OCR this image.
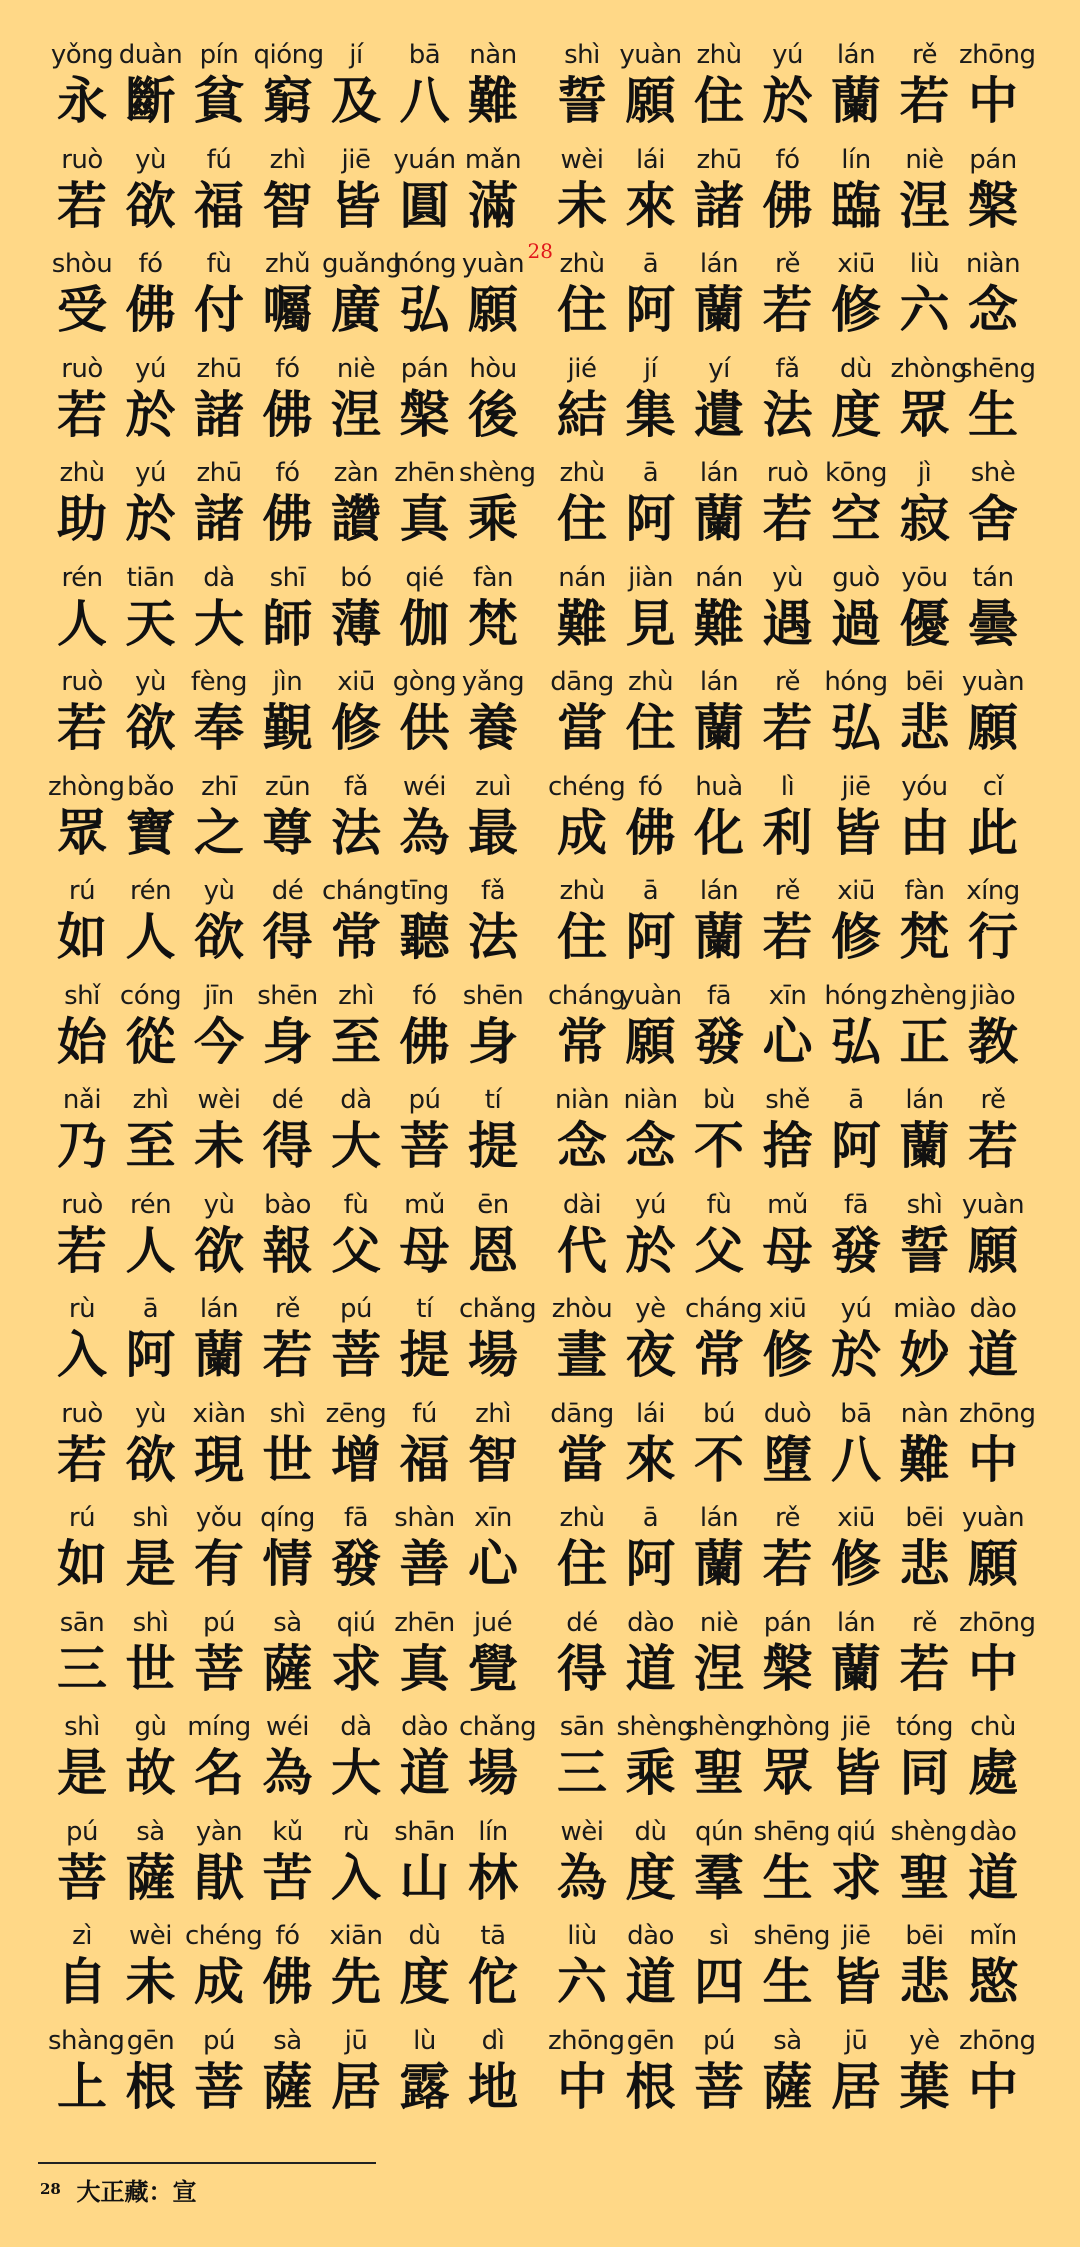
yǒng
永
duàn
斷
pín
貧
qióng
窮
jí
及
bā
八
nàn
難
ruò
若
yù
欲
fú
福
zhì
智
jiē
皆
yuán
圓
mǎn
滿
shòu
受
fó
佛
fù
付
zhǔ
囑
guǎng
廣
hóng
弘
yuàn
願
28
ruò
若
yú
於
zhū
諸
fó
佛
niè
涅
pán
槃
hòu
後
zhù
助
yú
於
zhū
諸
fó
佛
zàn
讚
zhēn
真
shèng
乘
rén
人
tiān
天
dà
大
shī
師
bó
薄
qié
伽
fàn
梵
ruò
若
yù
欲
fèng
奉
jìn
覲
xiū
修
gòng
供
yǎng
養
zhòng
眾
bǎo
寶
zhī
之
zūn
尊
fǎ
法
wéi
為
zuì
最
rú
如
rén
人
yù
欲
dé
得
cháng
常
tīng
聽
fǎ
法
shǐ
始
cóng
從
jīn
今
shēn
身
zhì
至
fó
佛
shēn
身
nǎi
乃
zhì
至
wèi
未
dé
得
dà
大
pú
菩
tí
提
ruò
若
rén
人
yù
欲
bào
報
fù
父
mǔ
母
ēn
恩
rù
入
ā
阿
lán
蘭
rě
若
pú
菩
tí
提
chǎng
場
ruò
若
yù
欲
xiàn
現
shì
世
zēng
增
fú
福
zhì
智
rú
如
shì
是
yǒu
有
qíng
情
fā
發
shàn
善
xīn
心
sān
三
shì
世
pú
菩
sà
薩
qiú
求
zhēn
真
jué
覺
shì
是
gù
故
míng
名
wéi
為
dà
大
dào
道
chǎng
場
pú
菩
sà
薩
yàn
猒
kǔ
苦
rù
入
shān
山
lín
林
zì
自
wèi
未
chéng
成
fó
佛
xiān
先
dù
度
tā
佗
shàng
上
gēn
根
pú
菩
sà
薩
jū
居
lù
露
dì
地
shì
誓
yuàn
願
zhù
住
yú
於
lán
蘭
rě
若
zhōng
中
wèi
未
lái
來
zhū
諸
fó
佛
lín
臨
niè
涅
pán
槃
zhù
住
ā
阿
lán
蘭
rě
若
xiū
修
liù
六
niàn
念
jié
結
jí
集
yí
遺
fǎ
法
dù
度
zhòng
眾
shēng
生
zhù
住
ā
阿
lán
蘭
ruò
若
kōng
空
jì
寂
shè
舍
nán
難
jiàn
見
nán
難
yù
遇
guò
過
yōu
優
tán
曇
dāng
當
zhù
住
lán
蘭
rě
若
hóng
弘
bēi
悲
yuàn
願
chéng
成
fó
佛
huà
化
lì
利
jiē
皆
yóu
由
cǐ
此
zhù
住
ā
阿
lán
蘭
rě
若
xiū
修
fàn
梵
xíng
行
cháng
常
yuàn
願
fā
發
xīn
心
hóng
弘
zhèng
正
jiào
教
niàn
念
niàn
念
bù
不
shě
捨
ā
阿
lán
蘭
rě
若
dài
代
yú
於
fù
父
mǔ
母
fā
發
shì
誓
yuàn
願
zhòu
晝
yè
夜
cháng
常
xiū
修
yú
於
miào
妙
dào
道
dāng
當
lái
來
bú
不
duò
墮
bā
八
nàn
難
zhōng
中
zhù
住
ā
阿
lán
蘭
rě
若
xiū
修
bēi
悲
yuàn
願
dé
得
dào
道
niè
涅
pán
槃
lán
蘭
rě
若
zhōng
中
sān
三
shèng
乘
shèng
聖
zhòng
眾
jiē
皆
tóng
同
chù
處
wèi
為
dù
度
qún
羣
shēng
生
qiú
求
shèng
聖
dào
道
liù
六
dào
道
sì
四
shēng
生
jiē
皆
bēi
悲
mǐn
愍
zhōng
中
gēn
根
pú
菩
sà
薩
jū
居
yè
葉
zhōng
中
28 大正藏：宣
